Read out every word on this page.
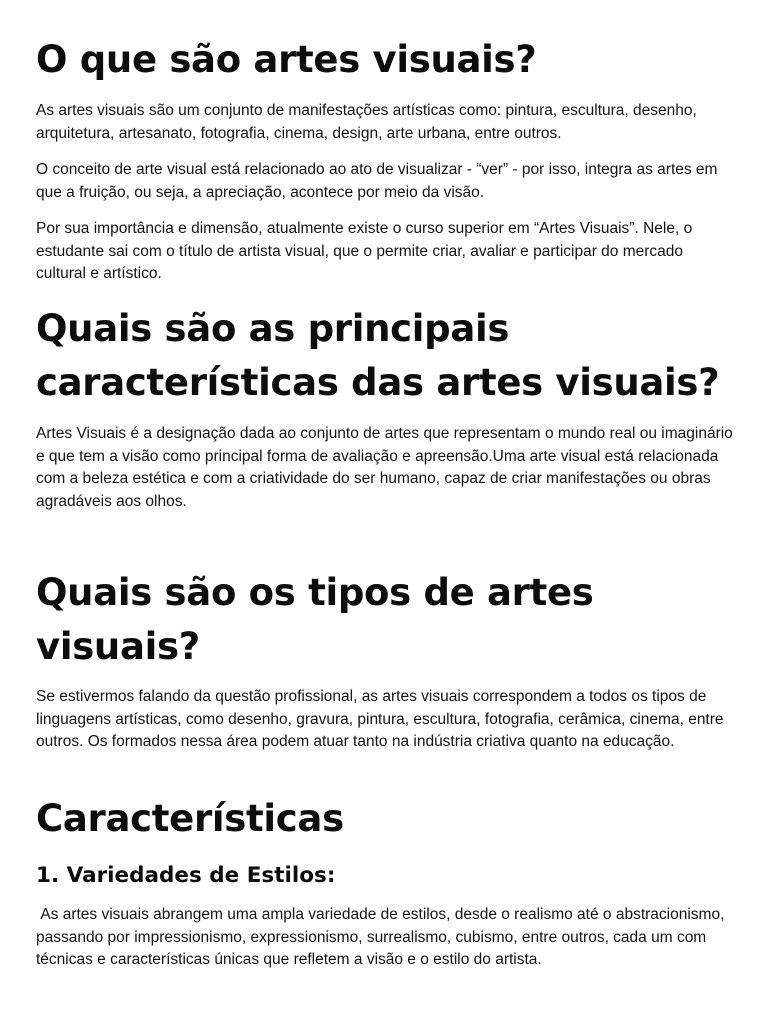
O que são artes visuais?

As artes visuais são um conjunto de manifestações artísticas como: pintura, escultura, desenho, arquitetura, artesanato, fotografia, cinema, design, arte urbana, entre outros.

O conceito de arte visual está relacionado ao ato de visualizar - “ver” - por isso, integra as artes em que a fruição, ou seja, a apreciação, acontece por meio da visão.

Por sua importância e dimensão, atualmente existe o curso superior em “Artes Visuais”. Nele, o estudante sai com o título de artista visual, que o permite criar, avaliar e participar do mercado cultural e artístico.

Quais são as principais características das artes visuais?

Artes Visuais é a designação dada ao conjunto de artes que representam o mundo real ou imaginário e que tem a visão como principal forma de avaliação e apreensão.Uma arte visual está relacionada com a beleza estética e com a criatividade do ser humano, capaz de criar manifestações ou obras agradáveis aos olhos.

Quais são os tipos de artes visuais?

Se estivermos falando da questão profissional, as artes visuais correspondem a todos os tipos de linguagens artísticas, como desenho, gravura, pintura, escultura, fotografia, cerâmica, cinema, entre outros. Os formados nessa área podem atuar tanto na indústria criativa quanto na educação.

Características
1. Variedades de Estilos:

As artes visuais abrangem uma ampla variedade de estilos, desde o realismo até o abstracionismo, passando por impressionismo, expressionismo, surrealismo, cubismo, entre outros, cada um com técnicas e características únicas que refletem a visão e o estilo do artista.
